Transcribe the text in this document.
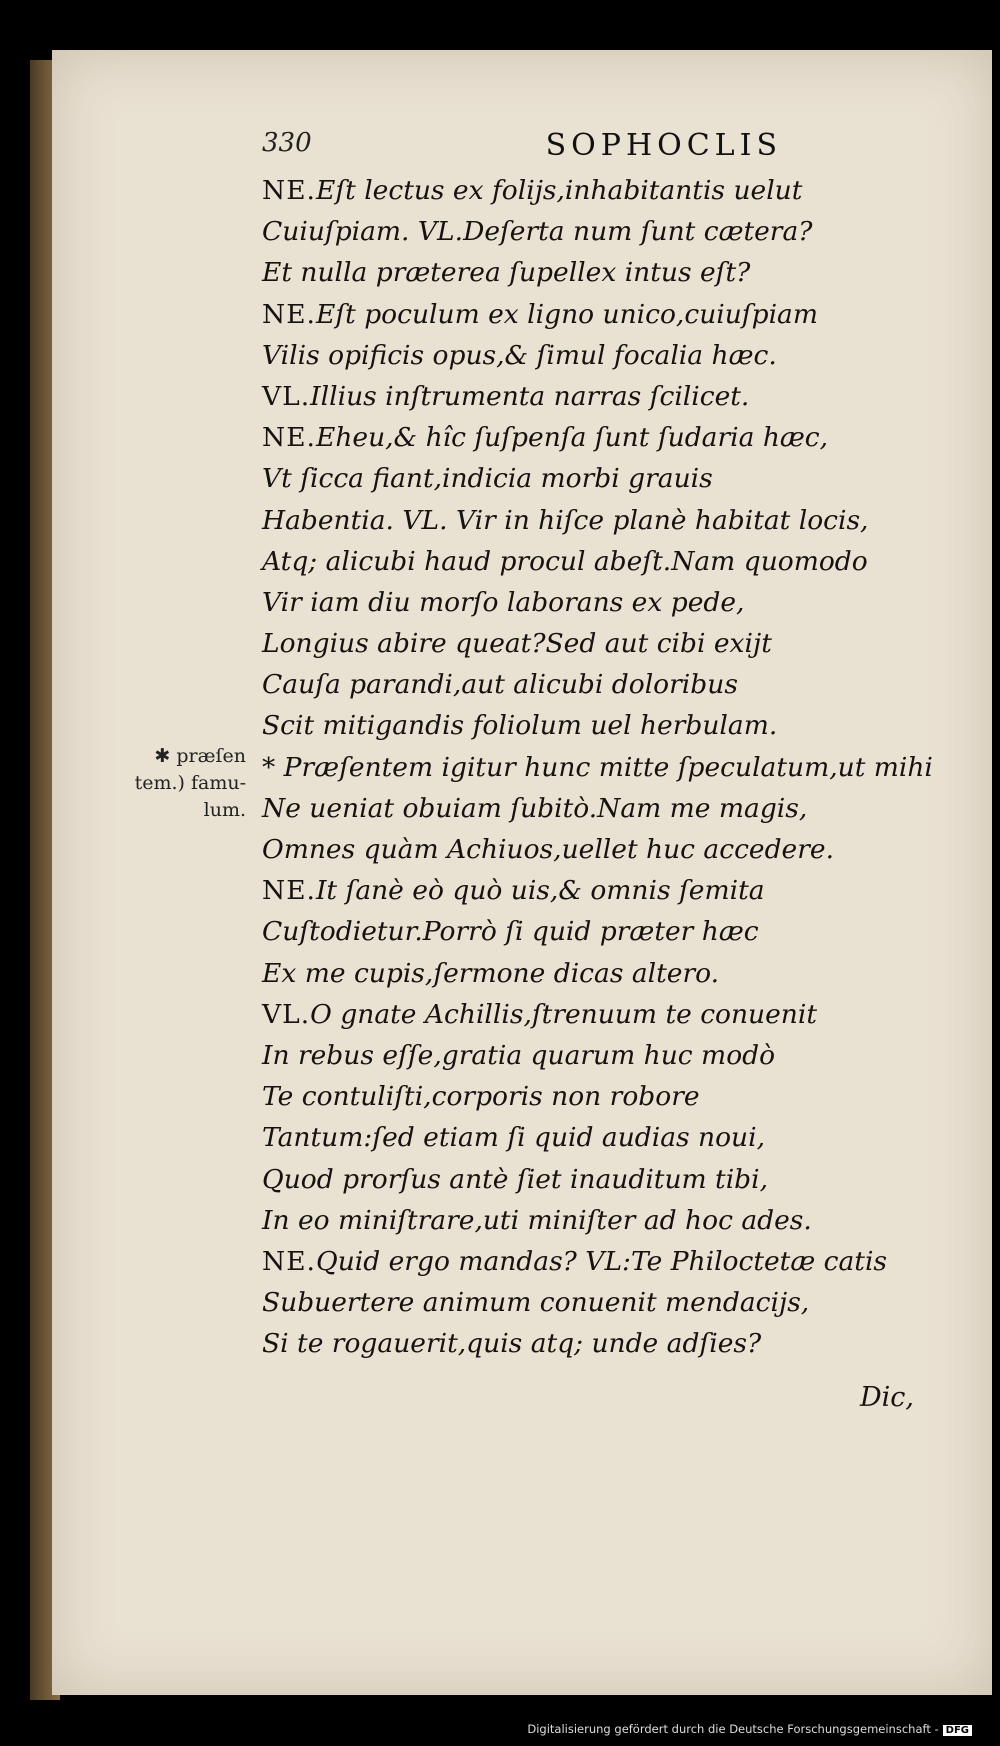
330	SOPHOCLIS
✱ præſen
tem.) famu-
lum.
NE.Eſt lectus ex folijs,inhabitantis uelut
Cuiuſpiam. VL.Deſerta num ſunt cætera?
Et nulla præterea ſupellex intus eſt?
NE.Eſt poculum ex ligno unico,cuiuſpiam
Vilis opificis opus,& ſimul focalia hæc.
VL.Illius inſtrumenta narras ſcilicet.
NE.Eheu,& hîc ſuſpenſa ſunt ſudaria hæc,
Vt ſicca fiant,indicia morbi grauis
Habentia. VL. Vir in hiſce planè habitat locis,
Atq; alicubi haud procul abeſt.Nam quomodo
Vir iam diu morſo laborans ex pede,
Longius abire queat?Sed aut cibi exijt
Cauſa parandi,aut alicubi doloribus
Scit mitigandis foliolum uel herbulam.
* Præſentem igitur hunc mitte ſpeculatum,ut mihi
Ne ueniat obuiam ſubitò.Nam me magis,
Omnes quàm Achiuos,uellet huc accedere.
NE.It ſanè eò quò uis,& omnis ſemita
Cuſtodietur.Porrò ſi quid præter hæc
Ex me cupis,ſermone dicas altero.
VL.O gnate Achillis,ſtrenuum te conuenit
In rebus eſſe,gratia quarum huc modò
Te contuliſti,corporis non robore
Tantum:ſed etiam ſi quid audias noui,
Quod prorſus antè ſiet inauditum tibi,
In eo miniſtrare,uti miniſter ad hoc ades.
NE.Quid ergo mandas? VL:Te Philoctetæ catis
Subuertere animum conuenit mendacijs,
Si te rogauerit,quis atq; unde adſies?
Dic,
Digitalisierung gefördert durch die Deutsche Forschungsgemeinschaft - DFG
